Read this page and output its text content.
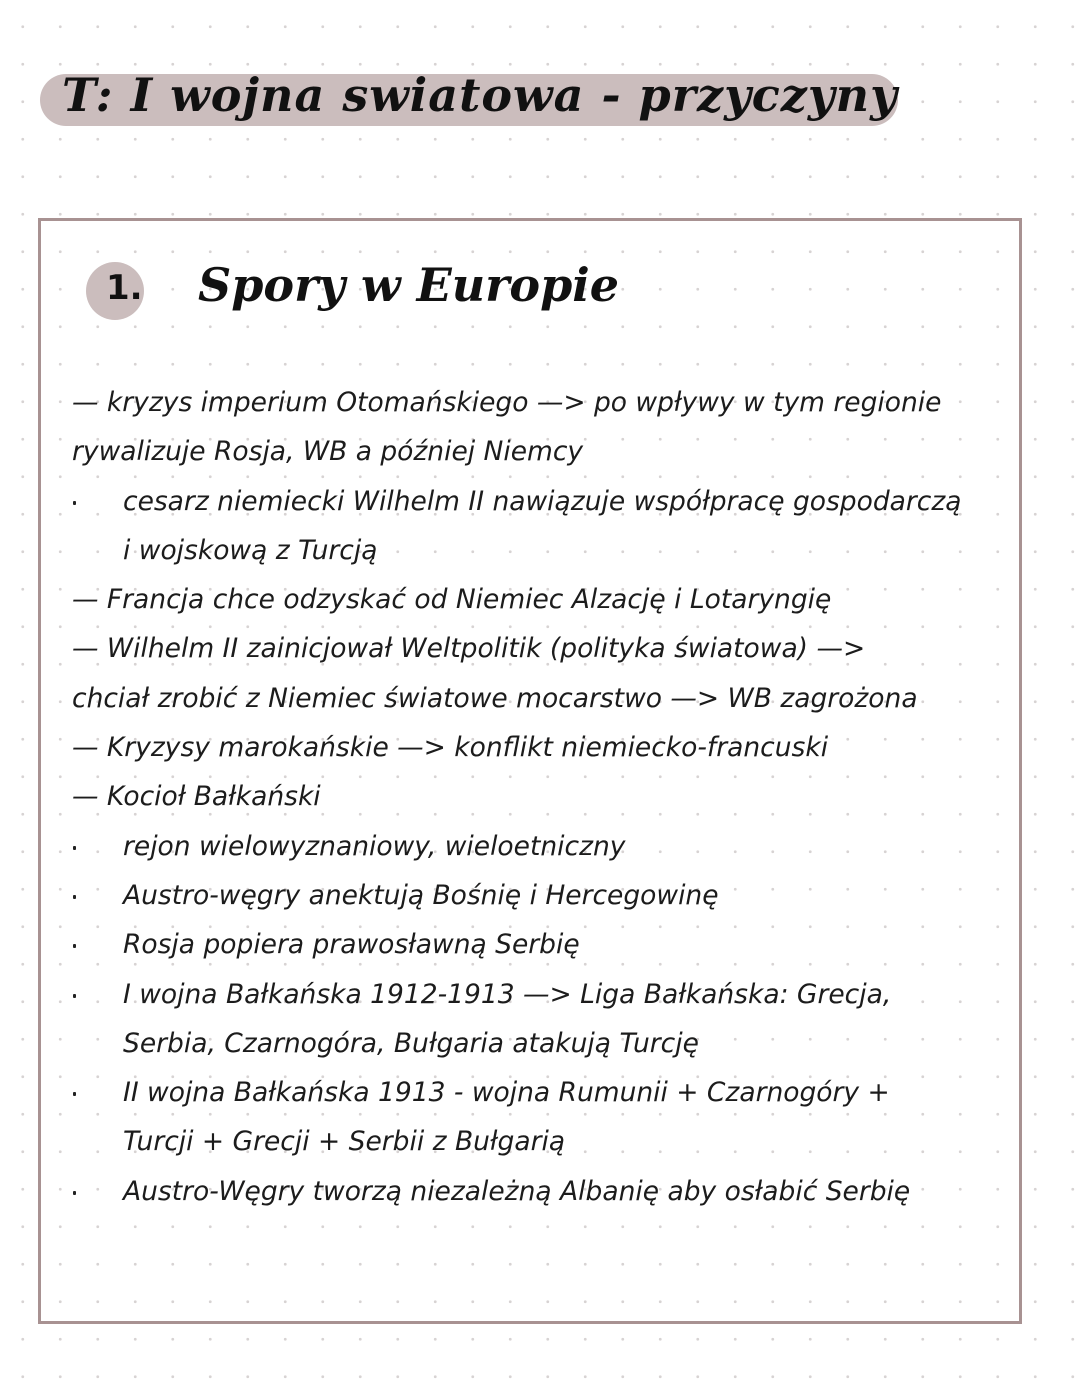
T: I wojna swiatowa - przyczyny
1. Spory w Europie
— kryzys imperium Otomańskiego —> po wpływy w tym regionie
rywalizuje Rosja, WB a później Niemcy
cesarz niemiecki Wilhelm II nawiązuje współpracę gospodarczą
i wojskową z Turcją
— Francja chce odzyskać od Niemiec Alzację i Lotaryngię
— Wilhelm II zainicjował Weltpolitik (polityka światowa) —>
chciał zrobić z Niemiec światowe mocarstwo —> WB zagrożona
— Kryzysy marokańskie —> konflikt niemiecko-francuski
— Kocioł Bałkański
rejon wielowyznaniowy, wieloetniczny
Austro-węgry anektują Bośnię i Hercegowinę
Rosja popiera prawosławną Serbię
I wojna Bałkańska 1912-1913 —> Liga Bałkańska: Grecja,
Serbia, Czarnogóra, Bułgaria atakują Turcję
II wojna Bałkańska 1913 - wojna Rumunii + Czarnogóry +
Turcji + Grecji + Serbii z Bułgarią
Austro-Węgry tworzą niezależną Albanię aby osłabić Serbię
